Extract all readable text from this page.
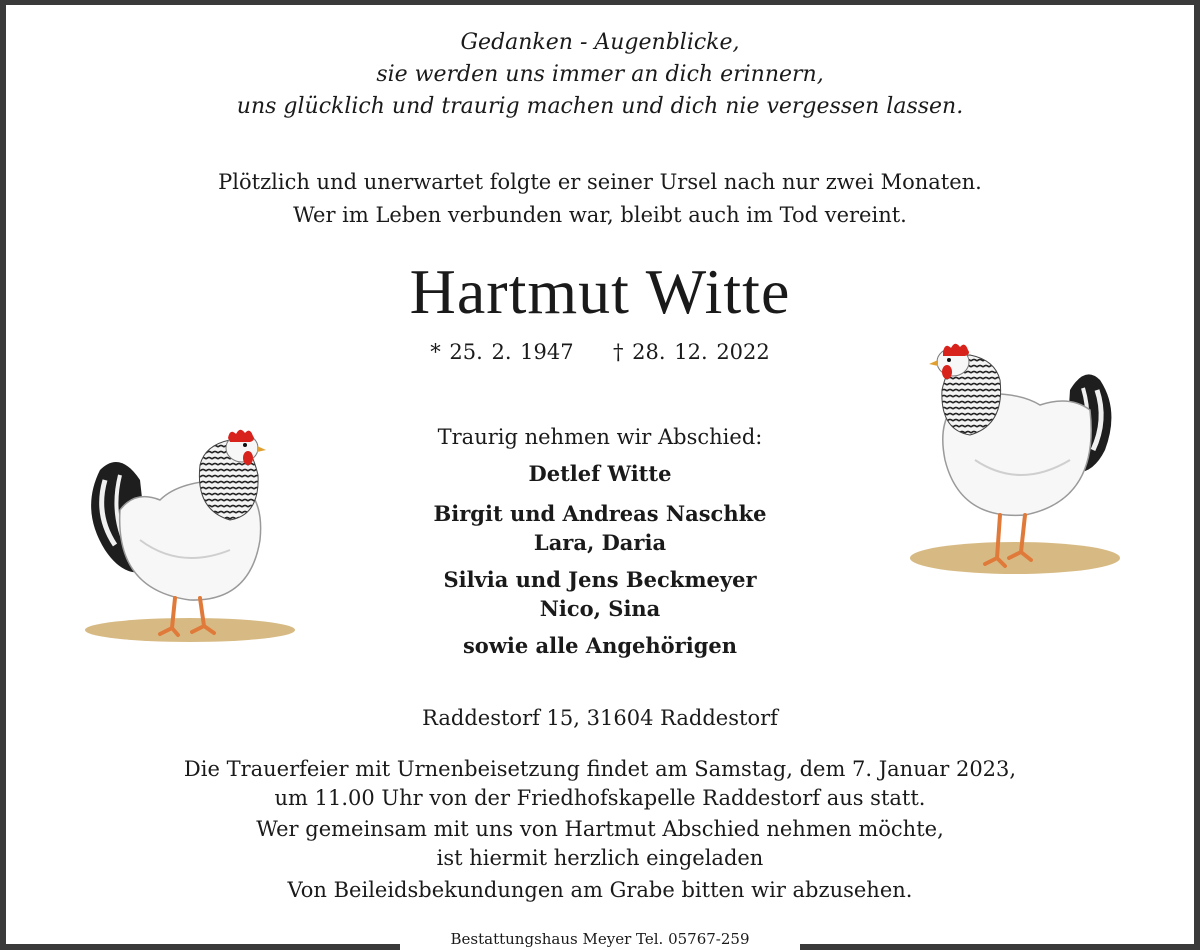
Gedanken - Augenblicke,
sie werden uns immer an dich erinnern,
uns glücklich und traurig machen und dich nie vergessen lassen.
Plötzlich und unerwartet folgte er seiner Ursel nach nur zwei Monaten.
Wer im Leben verbunden war, bleibt auch im Tod vereint.
Hartmut Witte
* 25. 2. 1947 † 28. 12. 2022
Traurig nehmen wir Abschied:
Detlef Witte
Birgit und Andreas Naschke
Lara, Daria
Silvia und Jens Beckmeyer
Nico, Sina
sowie alle Angehörigen
Raddestorf 15, 31604 Raddestorf
Die Trauerfeier mit Urnenbeisetzung findet am Samstag, dem 7. Januar 2023,
um 11.00 Uhr von der Friedhofskapelle Raddestorf aus statt.
Wer gemeinsam mit uns von Hartmut Abschied nehmen möchte,
ist hiermit herzlich eingeladen
Von Beileidsbekundungen am Grabe bitten wir abzusehen.
Bestattungshaus Meyer Tel. 05767-259
